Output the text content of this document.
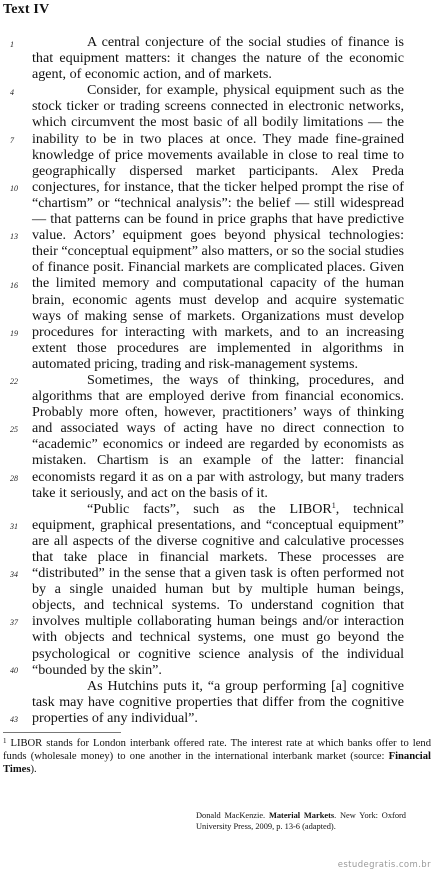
Text IV
1
4
7
10
13
16
19
22
25
28
31
34
37
40
43

A central conjecture of the social studies of finance is that equipment matters: it changes the nature of the economic agent, of economic action, and of markets.

Consider, for example, physical equipment such as the stock ticker or trading screens connected in electronic networks, which circumvent the most basic of all bodily limitations — the inability to be in two places at once. They made fine-grained knowledge of price movements available in close to real time to geographically dispersed market participants. Alex Preda conjectures, for instance, that the ticker helped prompt the rise of “chartism” or “technical analysis”: the belief — still widespread — that patterns can be found in price graphs that have predictive value. Actors’ equipment goes beyond physical technologies: their “conceptual equipment” also matters, or so the social studies of finance posit. Financial markets are complicated places. Given the limited memory and computational capacity of the human brain, economic agents must develop and acquire systematic ways of making sense of markets. Organizations must develop procedures for interacting with markets, and to an increasing extent those procedures are implemented in algorithms in automated pricing, trading and risk-management systems.

Sometimes, the ways of thinking, procedures, and algorithms that are employed derive from financial economics. Probably more often, however, practitioners’ ways of thinking and associated ways of acting have no direct connection to “academic” economics or indeed are regarded by economists as mistaken. Chartism is an example of the latter: financial economists regard it as on a par with astrology, but many traders take it seriously, and act on the basis of it.

“Public facts”, such as the LIBOR$^1$, technical equipment, graphical presentations, and “conceptual equipment” are all aspects of the diverse cognitive and calculative processes that take place in financial markets. These processes are “distributed” in the sense that a given task is often performed not by a single unaided human but by multiple human beings, objects, and technical systems. To understand cognition that involves multiple collaborating human beings and/or interaction with objects and technical systems, one must go beyond the psychological or cognitive science analysis of the individual “bounded by the skin”.

As Hutchins puts it, “a group performing [a] cognitive task may have cognitive properties that differ from the cognitive properties of any individual”.

$^1$ LIBOR stands for London interbank offered rate. The interest rate at which banks offer to lend funds (wholesale money) to one another in the international interbank market (source: Financial Times).
Donald MacKenzie. Material Markets. New York: Oxford University Press, 2009, p. 13-6 (adapted).
estudegratis.com.br
